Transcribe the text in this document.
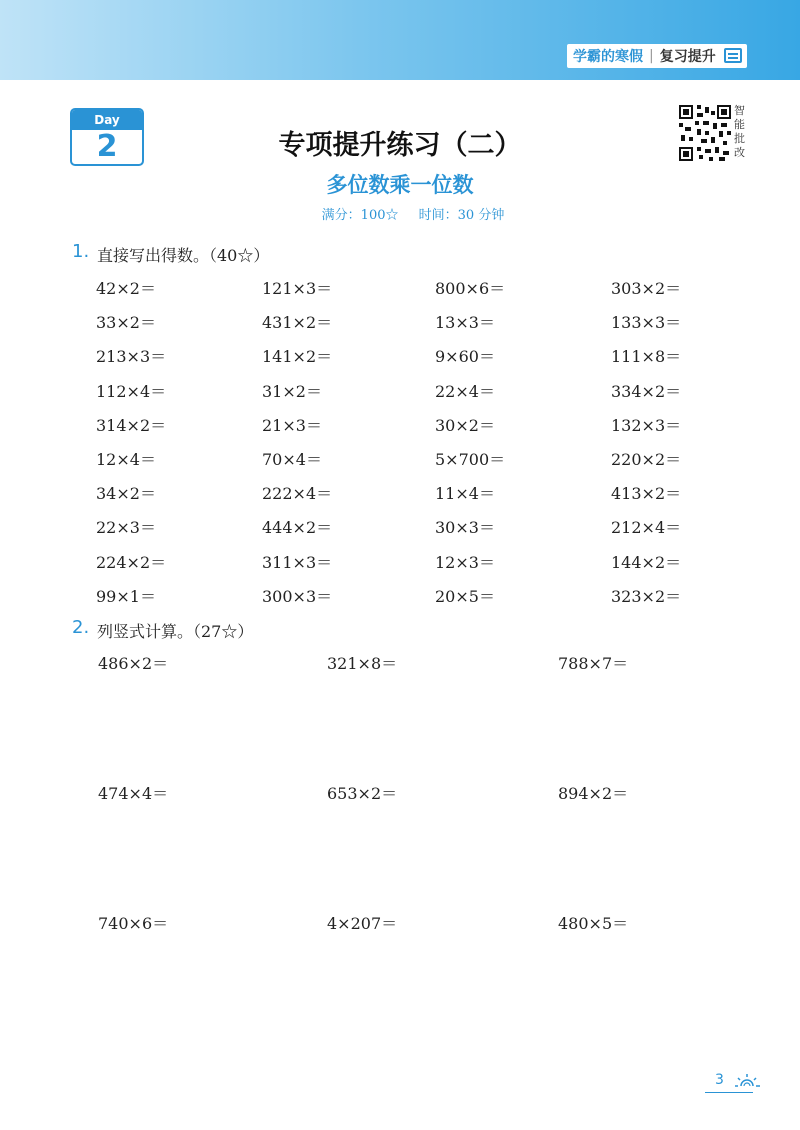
学霸的寒假 | 复习提升
Day
2	专项提升练习（二）
多位数乘一位数
满分：100☆ 时间：30 分钟
智能批改
1. 直接写出得数。（40☆）
42×2＝	121×3＝	800×6＝	303×2＝
33×2＝	431×2＝	13×3＝	133×3＝
213×3＝	141×2＝	9×60＝	111×8＝
112×4＝	31×2＝	22×4＝	334×2＝
314×2＝	21×3＝	30×2＝	132×3＝
12×4＝	70×4＝	5×700＝	220×2＝
34×2＝	222×4＝	11×4＝	413×2＝
22×3＝	444×2＝	30×3＝	212×4＝
224×2＝	311×3＝	12×3＝	144×2＝
99×1＝	300×3＝	20×5＝	323×2＝
2. 列竖式计算。（27☆）
486×2＝	321×8＝	788×7＝
474×4＝	653×2＝	894×2＝
740×6＝	4×207＝	480×5＝
3
